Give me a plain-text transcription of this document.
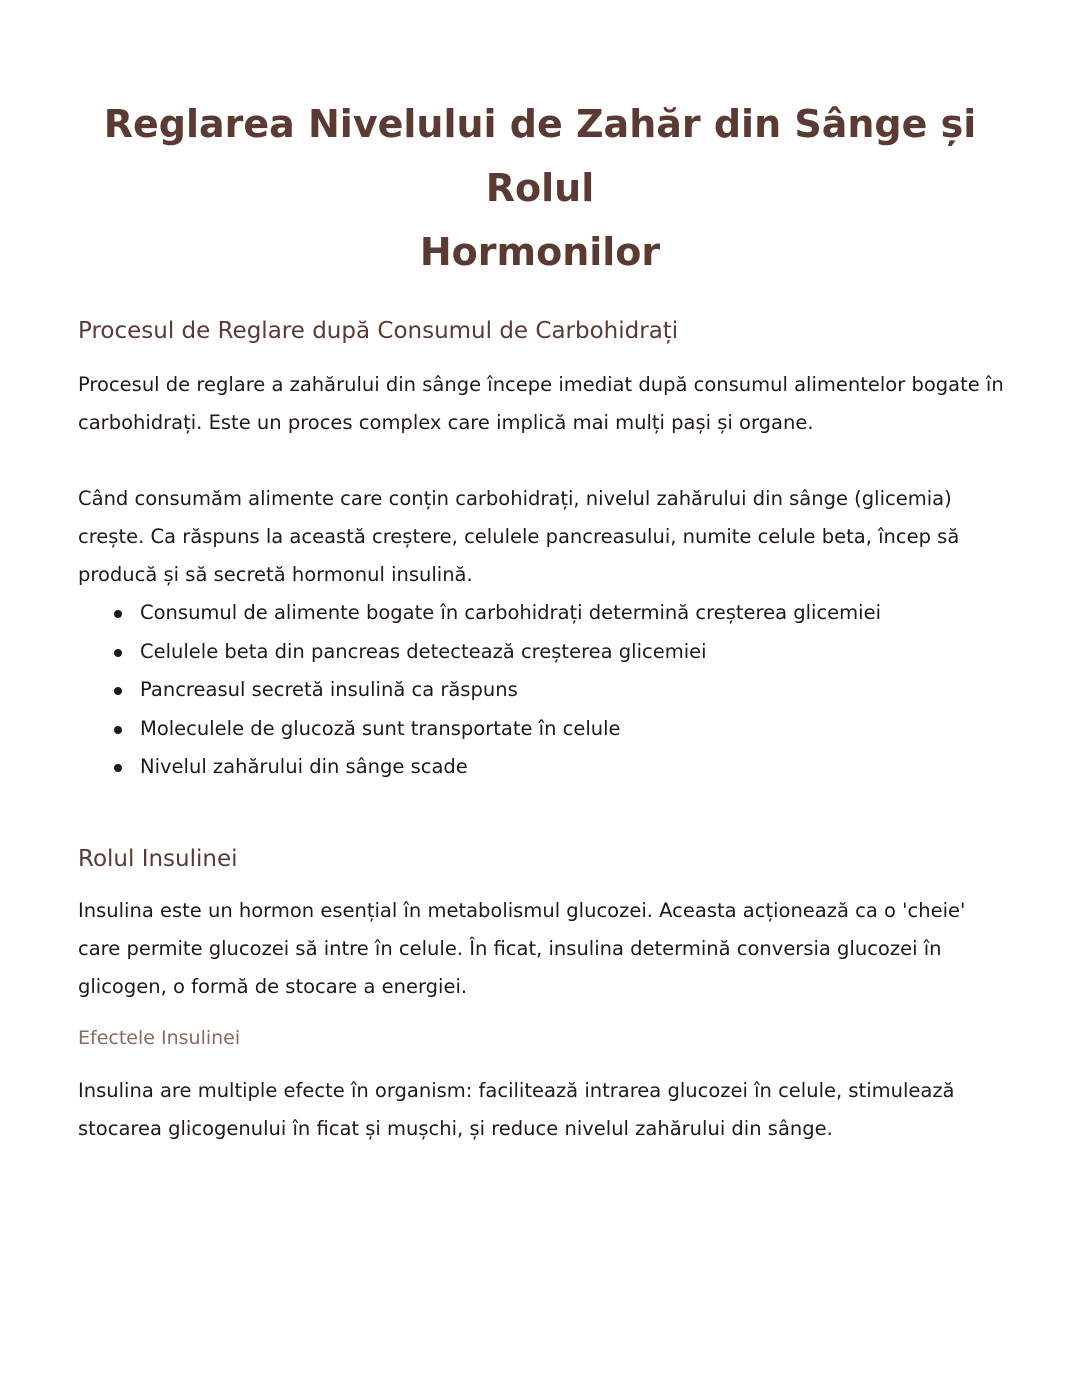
Reglarea Nivelului de Zahăr din Sânge și Rolul
Hormonilor
Procesul de Reglare după Consumul de Carbohidrați

Procesul de reglare a zahărului din sânge începe imediat după consumul alimentelor bogate în carbohidrați. Este un proces complex care implică mai mulți pași și organe.

Când consumăm alimente care conțin carbohidrați, nivelul zahărului din sânge (glicemia) crește. Ca răspuns la această creștere, celulele pancreasului, numite celule beta, încep să producă și să secretă hormonul insulină.

Consumul de alimente bogate în carbohidrați determină creșterea glicemiei
Celulele beta din pancreas detectează creșterea glicemiei
Pancreasul secretă insulină ca răspuns
Moleculele de glucoză sunt transportate în celule
Nivelul zahărului din sânge scade
Rolul Insulinei

Insulina este un hormon esențial în metabolismul glucozei. Aceasta acționează ca o 'cheie' care permite glucozei să intre în celule. În ficat, insulina determină conversia glucozei în glicogen, o formă de stocare a energiei.

Efectele Insulinei

Insulina are multiple efecte în organism: facilitează intrarea glucozei în celule, stimulează stocarea glicogenului în ficat și mușchi, și reduce nivelul zahărului din sânge.
